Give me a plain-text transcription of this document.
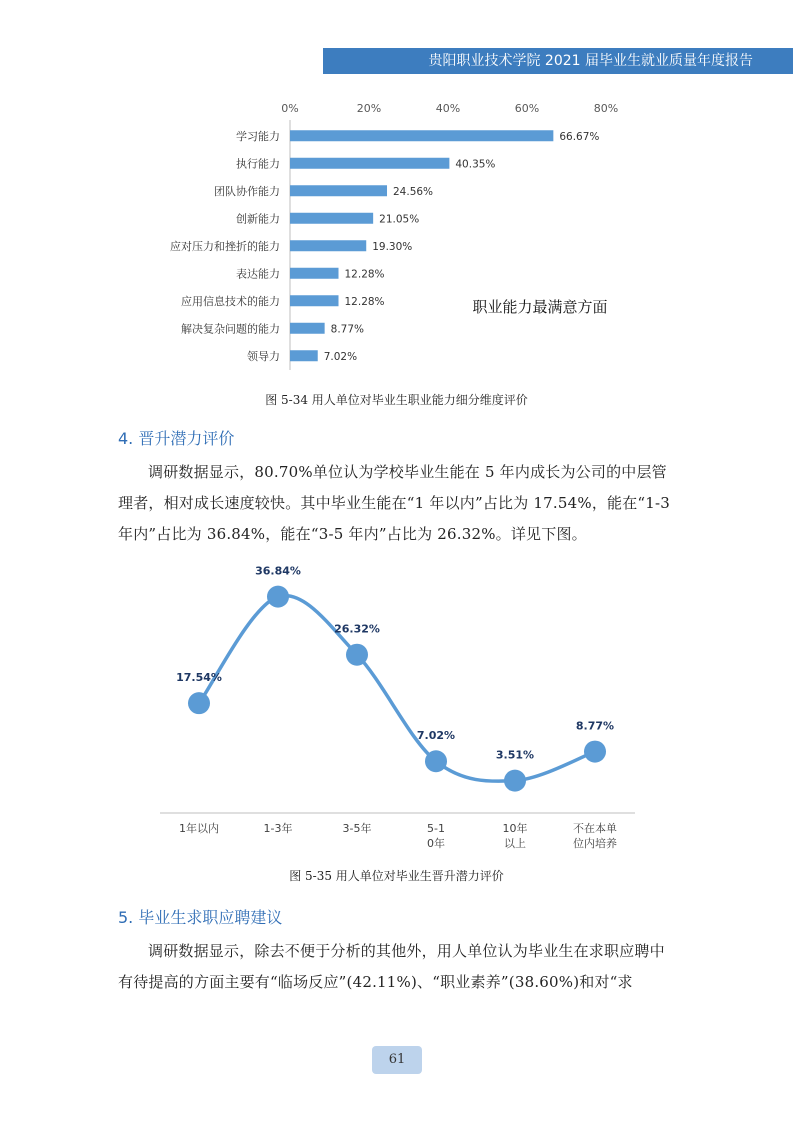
贵阳职业技术学院 2021 届毕业生就业质量年度报告
0%	20%	40%	60%	80%
学习能力	66.67%
执行能力	40.35%
团队协作能力	24.56%
创新能力	21.05%
应对压力和挫折的能力	19.30%
表达能力	12.28%
应用信息技术的能力	12.28%
解决复杂问题的能力	8.77%
领导力	7.02%
职业能力最满意方面
图 5-34 用人单位对毕业生职业能力细分维度评价
4. 晋升潜力评价

调研数据显示，80.70%单位认为学校毕业生能在 5 年内成长为公司的中层管理者，相对成长速度较快。其中毕业生能在“1 年以内”占比为 17.54%，能在“1-3 年内”占比为 36.84%，能在“3-5 年内”占比为 26.32%。详见下图。

17.54%
1年以内
36.84%
1-3年
26.32%
3-5年
7.02%
5-1 0年
3.51%
10年以上
8.77%
不在本单位内培养
图 5-35 用人单位对毕业生晋升潜力评价
5. 毕业生求职应聘建议

调研数据显示，除去不便于分析的其他外，用人单位认为毕业生在求职应聘中有待提高的方面主要有“临场反应”(42.11%)、“职业素养”(38.60%)和对“求

61
